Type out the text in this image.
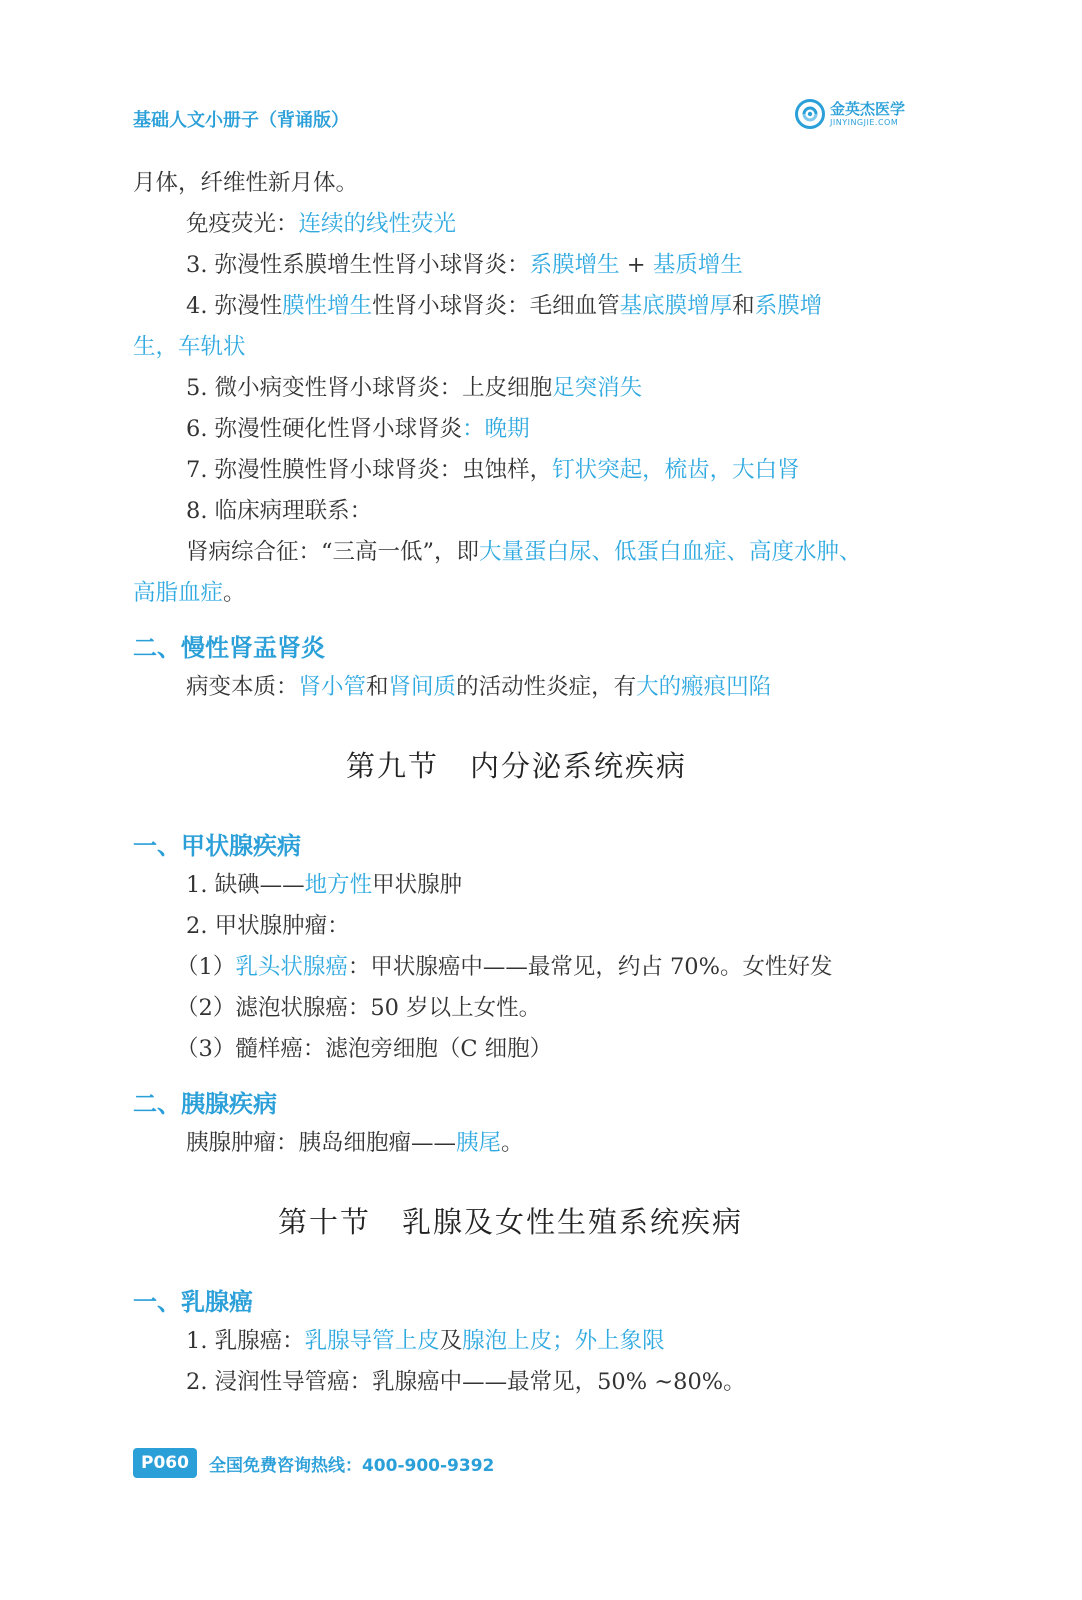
基础人文小册子（背诵版）
金英杰医学
JINYINGJIE.COM
月体，纤维性新月体。
免疫荧光：连续的线性荧光
3. 弥漫性系膜增生性肾小球肾炎：系膜增生 + 基质增生
4. 弥漫性膜性增生性肾小球肾炎：毛细血管基底膜增厚和系膜增
生，车轨状
5. 微小病变性肾小球肾炎：上皮细胞足突消失
6. 弥漫性硬化性肾小球肾炎：晚期
7. 弥漫性膜性肾小球肾炎：虫蚀样，钉状突起，梳齿，大白肾
8. 临床病理联系：
肾病综合征：“三高一低”，即大量蛋白尿、低蛋白血症、高度水肿、
高脂血症。
二、慢性肾盂肾炎
病变本质：肾小管和肾间质的活动性炎症，有大的瘢痕凹陷
第九节　内分泌系统疾病
一、甲状腺疾病
1. 缺碘——地方性甲状腺肿
2. 甲状腺肿瘤：
（1）乳头状腺癌：甲状腺癌中——最常见，约占 70%。女性好发
（2）滤泡状腺癌：50 岁以上女性。
（3）髓样癌：滤泡旁细胞（C 细胞）
二、胰腺疾病
胰腺肿瘤：胰岛细胞瘤——胰尾。
第十节　乳腺及女性生殖系统疾病
一、乳腺癌
1. 乳腺癌：乳腺导管上皮及腺泡上皮；外上象限
2. 浸润性导管癌：乳腺癌中——最常见，50% ~80%。
P060	全国免费咨询热线：400-900-9392
